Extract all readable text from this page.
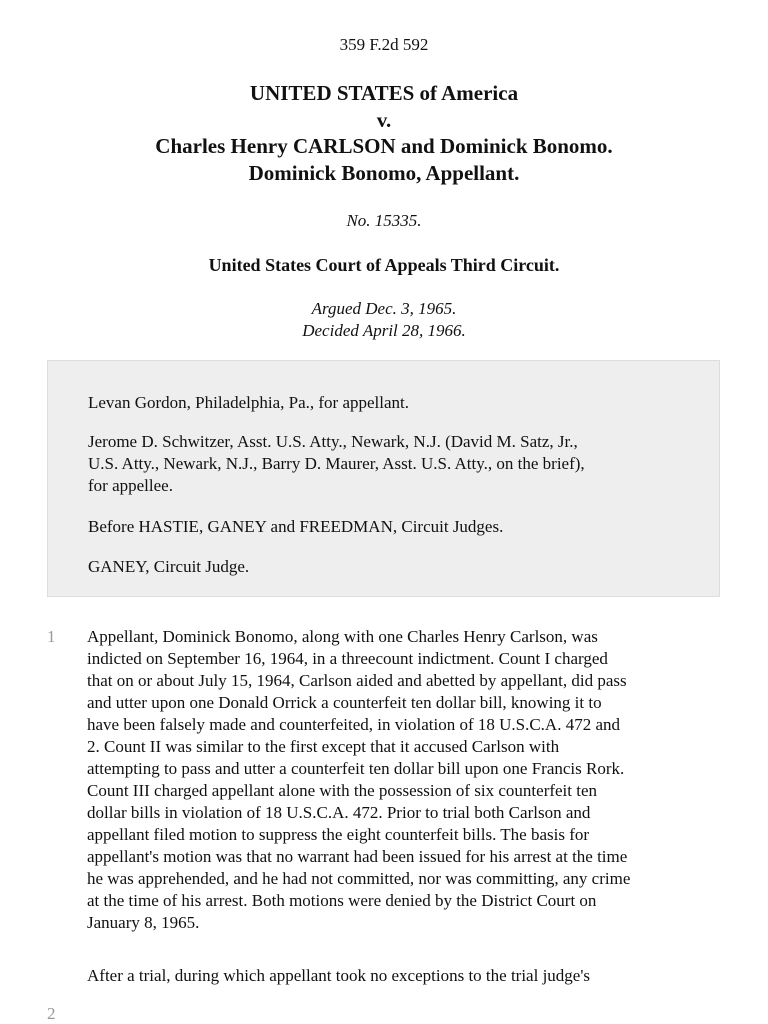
359 F.2d 592
UNITED STATES of America
v.
Charles Henry CARLSON and Dominick Bonomo.
Dominick Bonomo, Appellant.
No. 15335.
United States Court of Appeals Third Circuit.
Argued Dec. 3, 1965.
Decided April 28, 1966.
Levan Gordon, Philadelphia, Pa., for appellant.
Jerome D. Schwitzer, Asst. U.S. Atty., Newark, N.J. (David M. Satz, Jr.,
U.S. Atty., Newark, N.J., Barry D. Maurer, Asst. U.S. Atty., on the brief),
for appellee.
Before HASTIE, GANEY and FREEDMAN, Circuit Judges.
GANEY, Circuit Judge.
1 Appellant, Dominick Bonomo, along with one Charles Henry Carlson, was
indicted on September 16, 1964, in a threecount indictment. Count I charged
that on or about July 15, 1964, Carlson aided and abetted by appellant, did pass
and utter upon one Donald Orrick a counterfeit ten dollar bill, knowing it to
have been falsely made and counterfeited, in violation of 18 U.S.C.A. 472 and
2. Count II was similar to the first except that it accused Carlson with
attempting to pass and utter a counterfeit ten dollar bill upon one Francis Rork.
Count III charged appellant alone with the possession of six counterfeit ten
dollar bills in violation of 18 U.S.C.A. 472. Prior to trial both Carlson and
appellant filed motion to suppress the eight counterfeit bills. The basis for
appellant's motion was that no warrant had been issued for his arrest at the time
he was apprehended, and he had not committed, nor was committing, any crime
at the time of his arrest. Both motions were denied by the District Court on
January 8, 1965.
2
After a trial, during which appellant took no exceptions to the trial judge's
